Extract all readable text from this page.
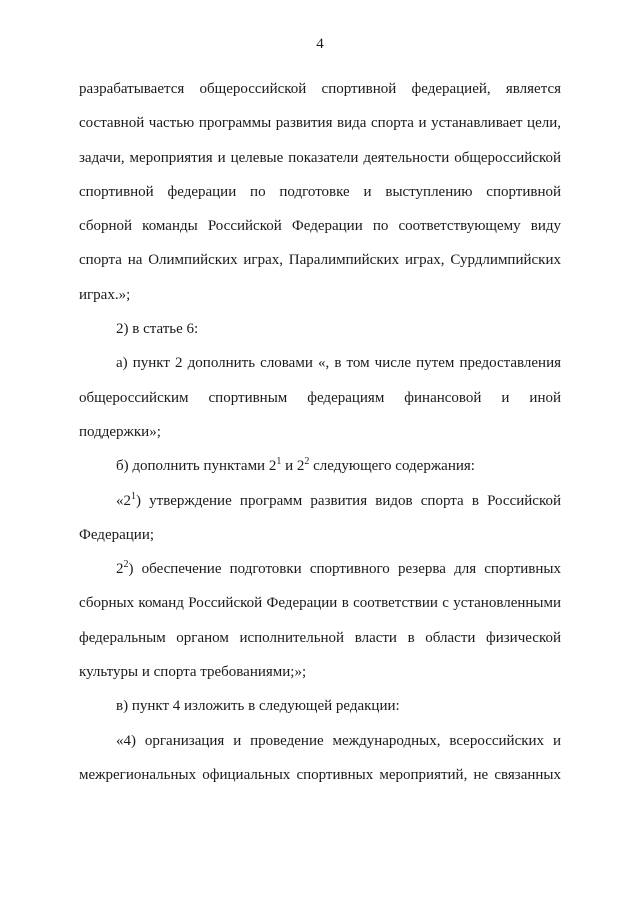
4
разрабатывается общероссийской спортивной федерацией, является
составной частью программы развития вида спорта и устанавливает цели,
задачи, мероприятия и целевые показатели деятельности общероссийской
спортивной федерации по подготовке и выступлению спортивной
сборной команды Российской Федерации по соответствующему виду
спорта на Олимпийских играх, Паралимпийских играх, Сурдлимпийских
играх.»;
2) в статье 6:
а) пункт 2 дополнить словами «, в том числе путем предоставления
общероссийским спортивным федерациям финансовой и иной
поддержки»;
б) дополнить пунктами $2^1$ и $2^2$ следующего содержания:
«$2^1$) утверждение программ развития видов спорта в Российской
Федерации;
$2^2$) обеспечение подготовки спортивного резерва для спортивных
сборных команд Российской Федерации в соответствии с установленными
федеральным органом исполнительной власти в области физической
культуры и спорта требованиями;»;
в) пункт 4 изложить в следующей редакции:
«4) организация и проведение международных, всероссийских и
межрегиональных официальных спортивных мероприятий, не связанных
